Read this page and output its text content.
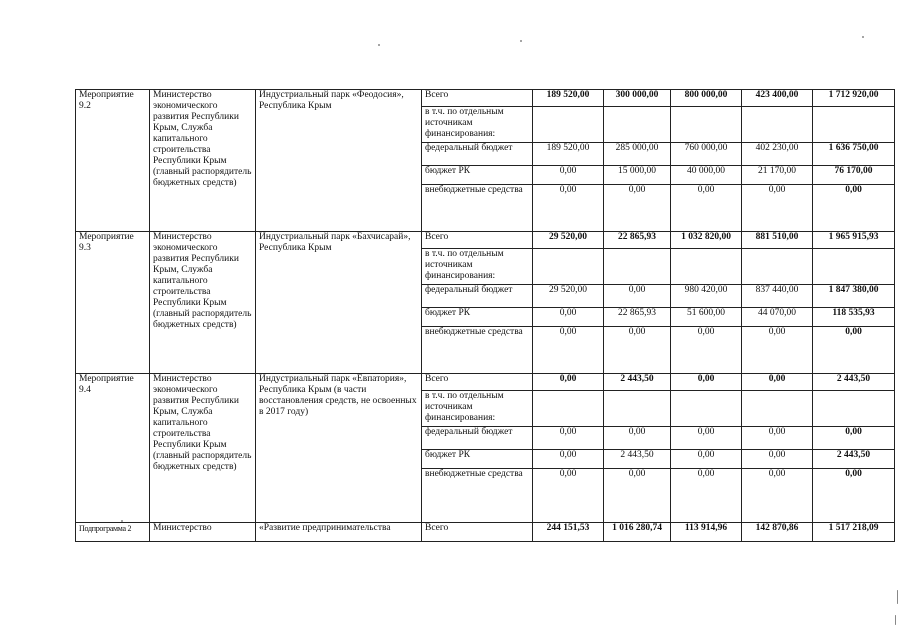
Мероприятие 9.2	Министерство экономического развития Республики Крым, Служба капитального строительства Республики Крым (главный распорядитель бюджетных средств)	Индустриальный парк «Феодосия», Республика Крым	Всего	189 520,00	300 000,00	800 000,00	423 400,00	1 712 920,00
			в т.ч. по отдельным источникам финансирования:					
			федеральный бюджет	189 520,00	285 000,00	760 000,00	402 230,00	1 636 750,00
			бюджет РК	0,00	15 000,00	40 000,00	21 170,00	76 170,00
			внебюджетные средства	0,00	0,00	0,00	0,00	0,00
Мероприятие 9.3	Министерство экономического развития Республики Крым, Служба капитального строительства Республики Крым (главный распорядитель бюджетных средств)	Индустриальный парк «Бахчисарай», Республика Крым	Всего	29 520,00	22 865,93	1 032 820,00	881 510,00	1 965 915,93
			в т.ч. по отдельным источникам финансирования:					
			федеральный бюджет	29 520,00	0,00	980 420,00	837 440,00	1 847 380,00
			бюджет РК	0,00	22 865,93	51 600,00	44 070,00	118 535,93
			внебюджетные средства	0,00	0,00	0,00	0,00	0,00
Мероприятие 9.4	Министерство экономического развития Республики Крым, Служба капитального строительства Республики Крым (главный распорядитель бюджетных средств)	Индустриальный парк «Евпатория», Республика Крым (в части восстановления средств, не освоенных в 2017 году)	Всего	0,00	2 443,50	0,00	0,00	2 443,50
			в т.ч. по отдельным источникам финансирования:					
			федеральный бюджет	0,00	0,00	0,00	0,00	0,00
			бюджет РК	0,00	2 443,50	0,00	0,00	2 443,50
			внебюджетные средства	0,00	0,00	0,00	0,00	0,00
Подпрограмма 2	Министерство	«Развитие предпринимательства	Всего	244 151,53	1 016 280,74	113 914,96	142 870,86	1 517 218,09
